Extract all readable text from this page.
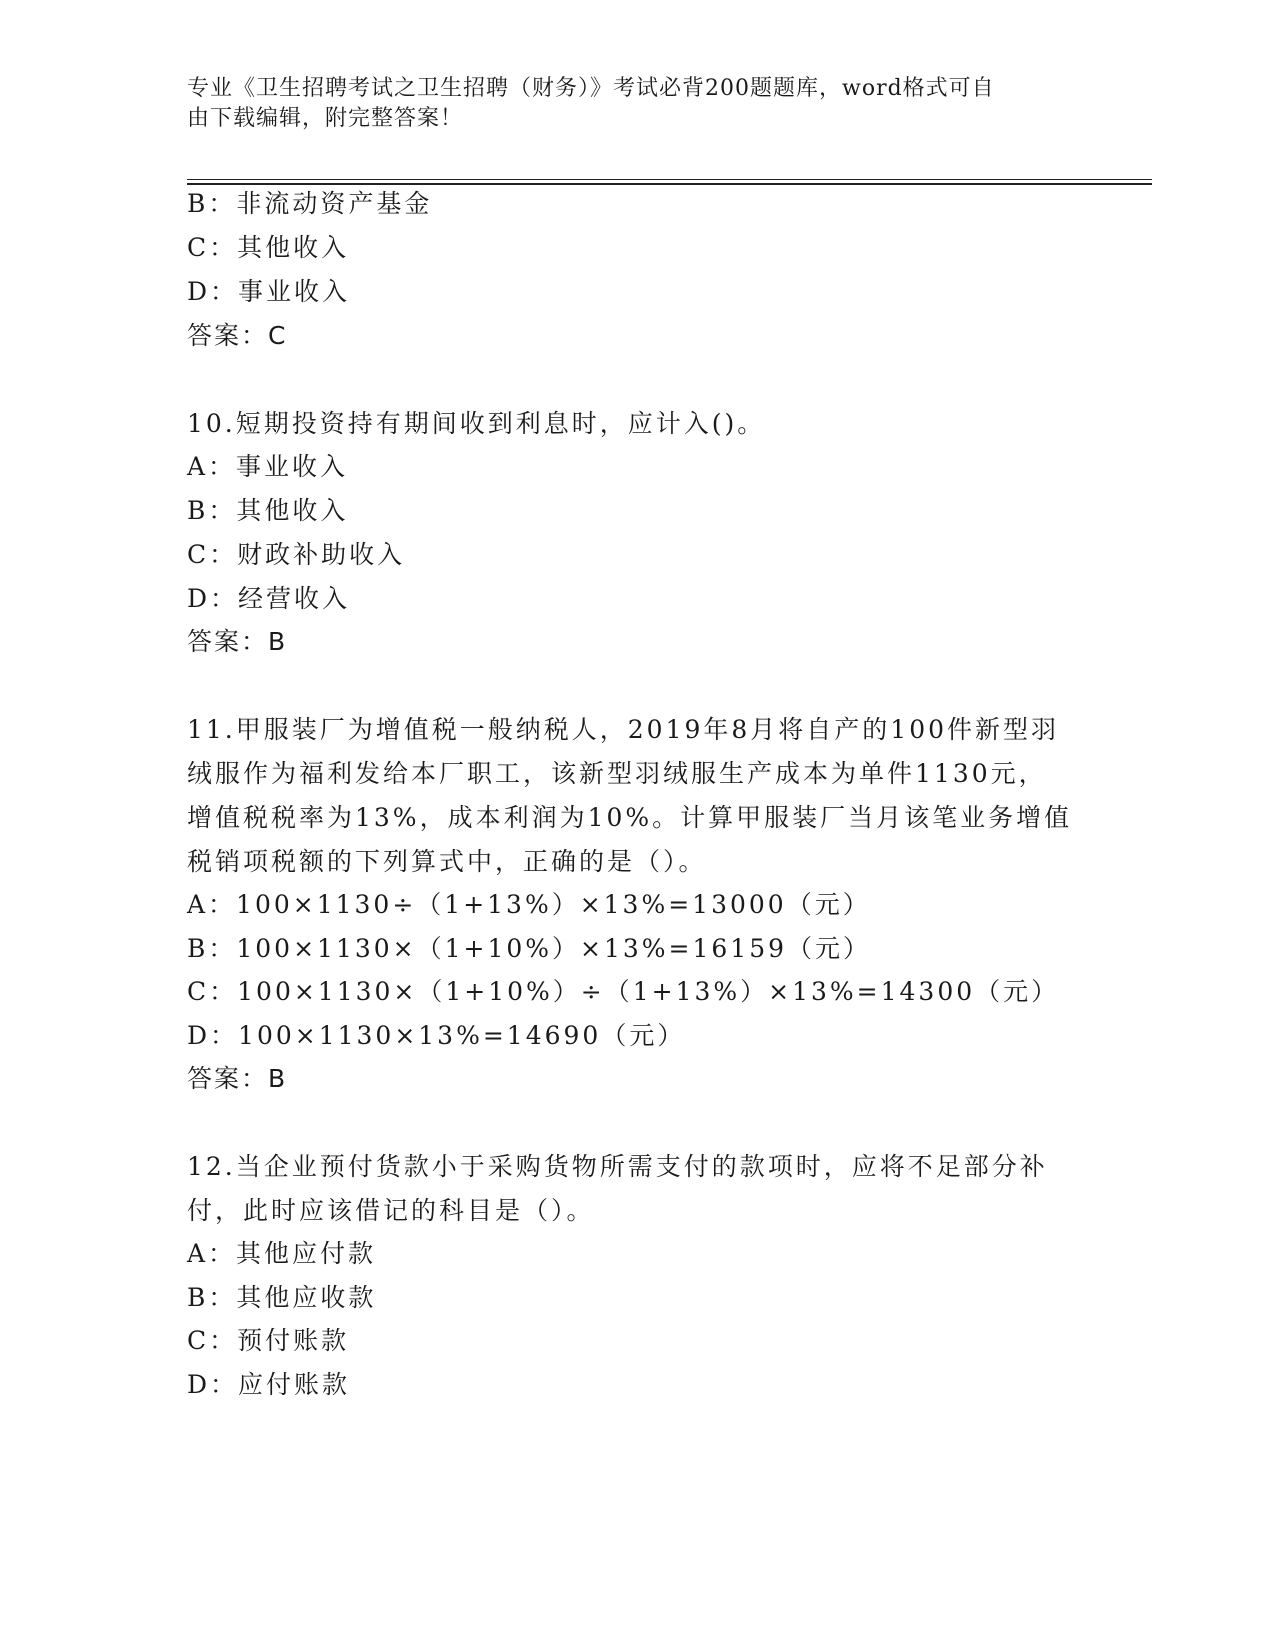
专业《卫生招聘考试之卫生招聘（财务）》考试必背200题题库，word格式可自
由下载编辑，附完整答案！
B：非流动资产基金
C：其他收入
D：事业收入
答案：C
10.短期投资持有期间收到利息时，应计入()。
A：事业收入
B：其他收入
C：财政补助收入
D：经营收入
答案：B
11.甲服装厂为增值税一般纳税人，2019年8月将自产的100件新型羽
绒服作为福利发给本厂职工，该新型羽绒服生产成本为单件1130元，
增值税税率为13%，成本利润为10%。计算甲服装厂当月该笔业务增值
税销项税额的下列算式中，正确的是（）。
A：100×1130÷（1+13%）×13%=13000（元）
B：100×1130×（1+10%）×13%=16159（元）
C：100×1130×（1+10%）÷（1+13%）×13%=14300（元）
D：100×1130×13%=14690（元）
答案：B
12.当企业预付货款小于采购货物所需支付的款项时，应将不足部分补
付，此时应该借记的科目是（）。
A：其他应付款
B：其他应收款
C：预付账款
D：应付账款
